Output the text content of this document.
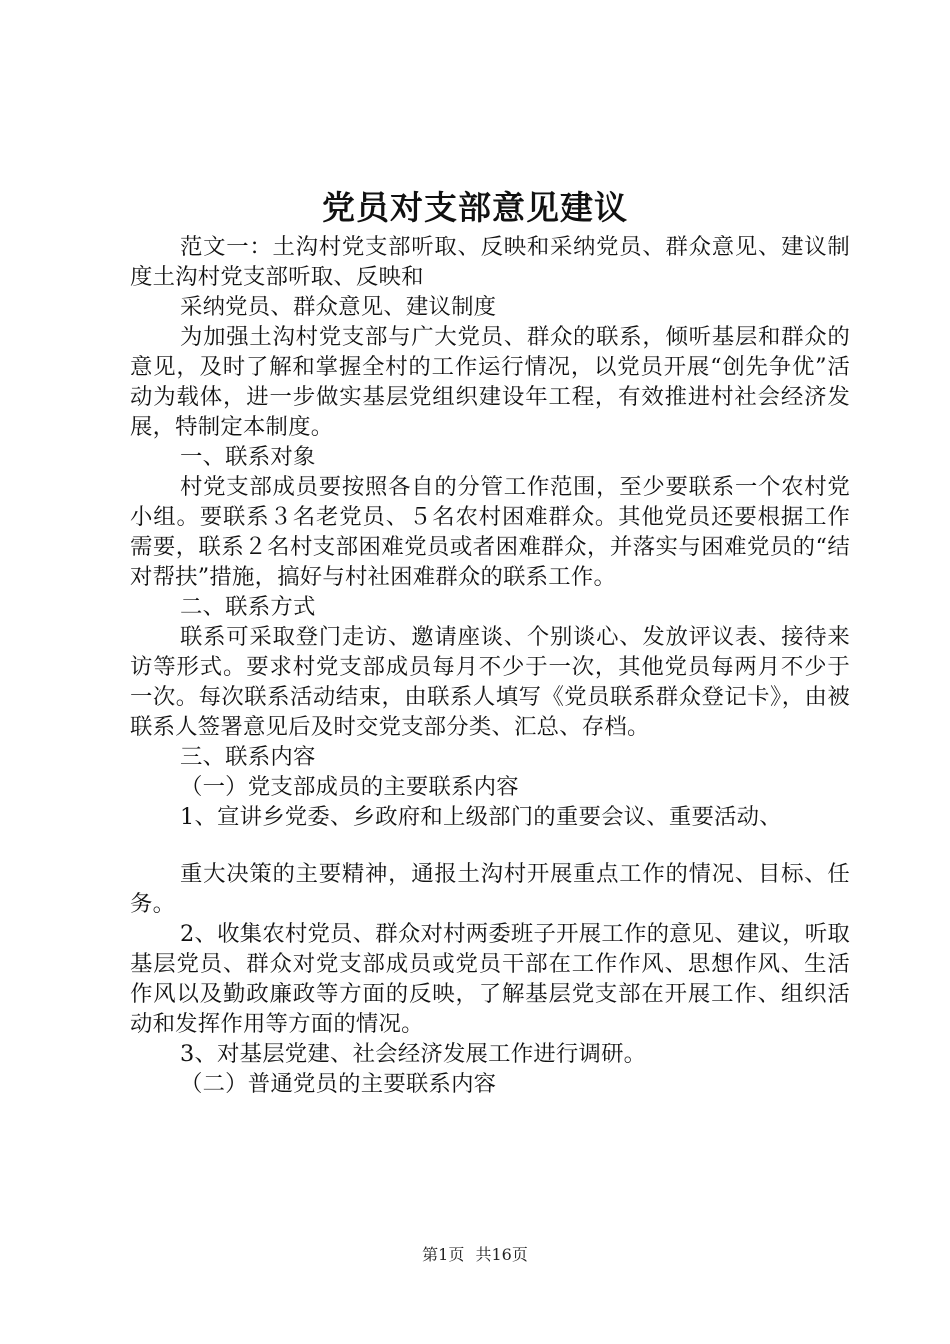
党员对支部意见建议

范文一：土沟村党支部听取、反映和采纳党员、群众意见、建议制度土沟村党支部听取、反映和

采纳党员、群众意见、建议制度

为加强土沟村党支部与广大党员、群众的联系，倾听基层和群众的意见，及时了解和掌握全村的工作运行情况，以党员开展“创先争优”活动为载体，进一步做实基层党组织建设年工程，有效推进村社会经济发展，特制定本制度。

一、联系对象

村党支部成员要按照各自的分管工作范围，至少要联系一个农村党小组。要联系３名老党员、５名农村困难群众。其他党员还要根据工作需要，联系２名村支部困难党员或者困难群众，并落实与困难党员的“结对帮扶”措施，搞好与村社困难群众的联系工作。

二、联系方式

联系可采取登门走访、邀请座谈、个别谈心、发放评议表、接待来访等形式。要求村党支部成员每月不少于一次，其他党员每两月不少于一次。每次联系活动结束，由联系人填写《党员联系群众登记卡》，由被联系人签署意见后及时交党支部分类、汇总、存档。

三、联系内容

（一）党支部成员的主要联系内容

1、宣讲乡党委、乡政府和上级部门的重要会议、重要活动、

重大决策的主要精神，通报土沟村开展重点工作的情况、目标、任务。

2、收集农村党员、群众对村两委班子开展工作的意见、建议，听取基层党员、群众对党支部成员或党员干部在工作作风、思想作风、生活作风以及勤政廉政等方面的反映，了解基层党支部在开展工作、组织活动和发挥作用等方面的情况。

3、对基层党建、社会经济发展工作进行调研。

（二）普通党员的主要联系内容

第1页 共16页
